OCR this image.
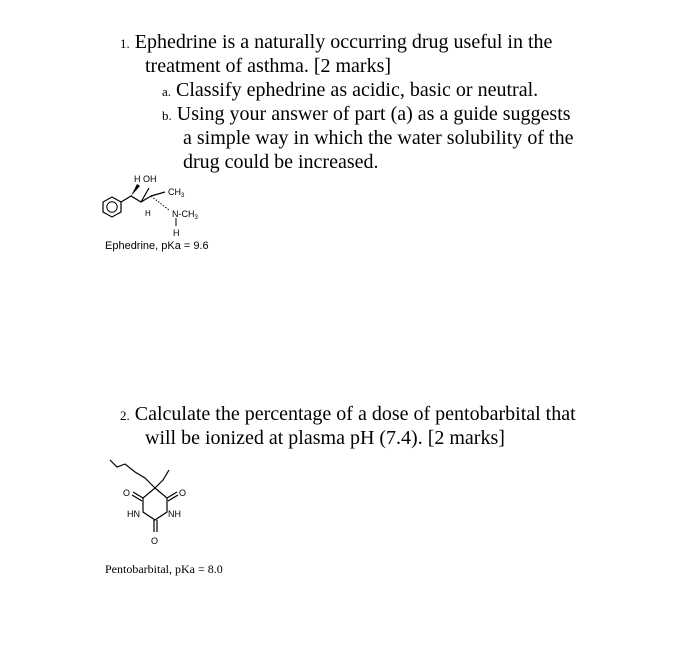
1. Ephedrine is a naturally occurring drug useful in the
treatment of asthma. [2 marks]
a. Classify ephedrine as acidic, basic or neutral.
b. Using your answer of part (a) as a guide suggests
a simple way in which the water solubility of the
drug could be increased.
H OH
H
$CH_3$
$N-CH_3$
H
Ephedrine, pKa = 9.6
2. Calculate the percentage of a dose of pentobarbital that
will be ionized at plasma pH (7.4). [2 marks]
O	O
HN	NH
O
Pentobarbital, pKa = 8.0
